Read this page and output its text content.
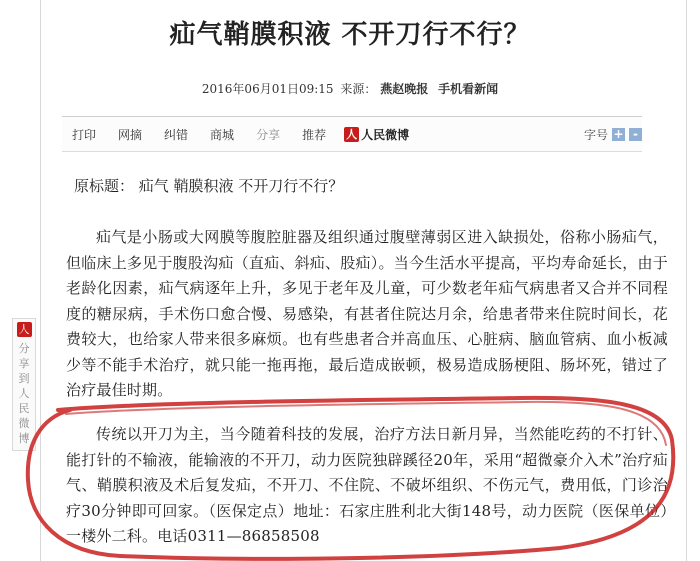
疝气鞘膜积液 不开刀行不行？
2016年06月01日09:15 来源： 燕赵晚报 手机看新闻
打印 网摘 纠错 商城 分享 推荐 人 人民微博	字号 + -
原标题： 疝气 鞘膜积液 不开刀行不行？
疝气是小肠或大网膜等腹腔脏器及组织通过腹壁薄弱区进入缺损处，俗称小肠疝气，但临床上多见于腹股沟疝（直疝、斜疝、股疝）。当今生活水平提高，平均寿命延长，由于老龄化因素，疝气病逐年上升，多见于老年及儿童，可少数老年疝气病患者又合并不同程度的糖尿病，手术伤口愈合慢、易感染，有甚者住院达月余，给患者带来住院时间长，花费较大，也给家人带来很多麻烦。也有些患者合并高血压、心脏病、脑血管病、血小板减少等不能手术治疗，就只能一拖再拖，最后造成嵌顿，极易造成肠梗阻、肠坏死，错过了治疗最佳时期。
传统以开刀为主，当今随着科技的发展，治疗方法日新月异，当然能吃药的不打针、能打针的不输液，能输液的不开刀，动力医院独辟蹊径20年，采用“超微豪介入术”治疗疝气、鞘膜积液及术后复发疝，不开刀、不住院、不破坏组织、不伤元气，费用低，门诊治疗30分钟即可回家。（医保定点）地址：石家庄胜利北大街148号，动力医院（医保单位）一楼外二科。电话0311—86858508
人
分
享
到
人
民
微
博
